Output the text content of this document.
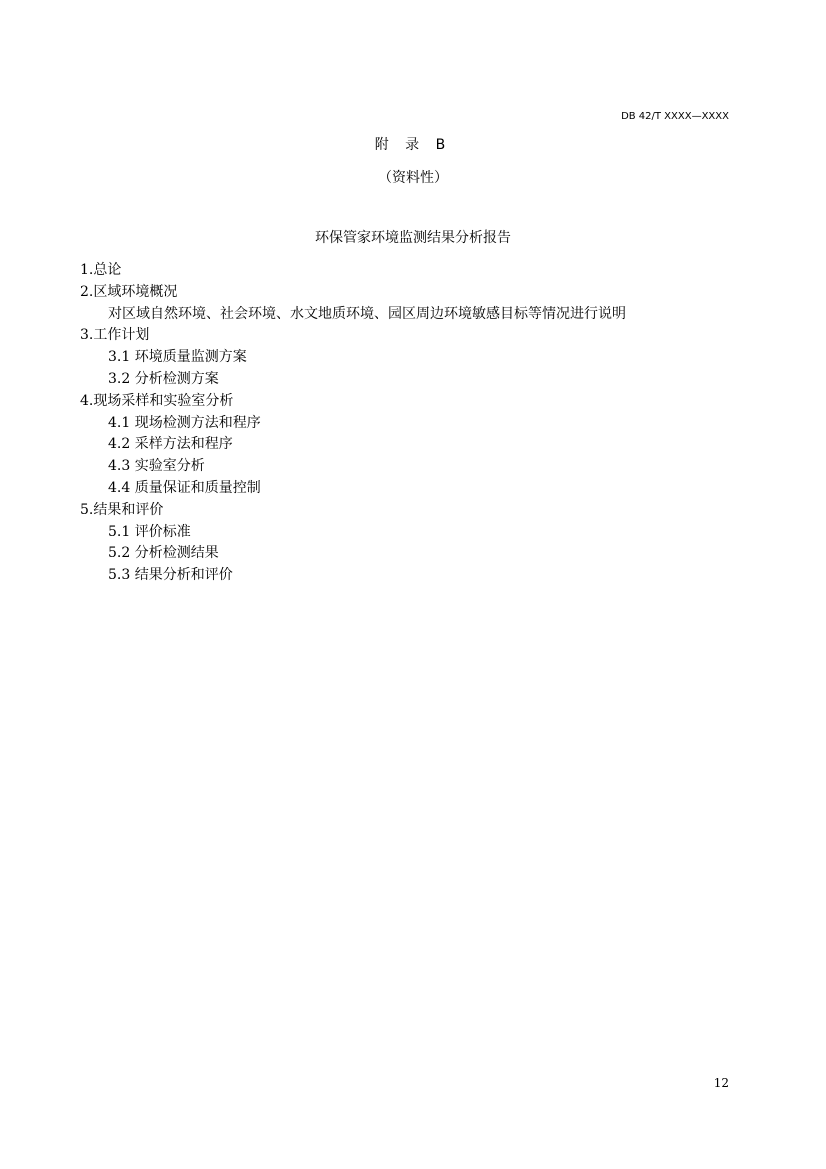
DB 42/T XXXX—XXXX
附 录 B
（资料性）
环保管家环境监测结果分析报告
1.总论
2.区域环境概况
对区域自然环境、社会环境、水文地质环境、园区周边环境敏感目标等情况进行说明
3.工作计划
3.1 环境质量监测方案
3.2 分析检测方案
4.现场采样和实验室分析
4.1 现场检测方法和程序
4.2 采样方法和程序
4.3 实验室分析
4.4 质量保证和质量控制
5.结果和评价
5.1 评价标准
5.2 分析检测结果
5.3 结果分析和评价
12
